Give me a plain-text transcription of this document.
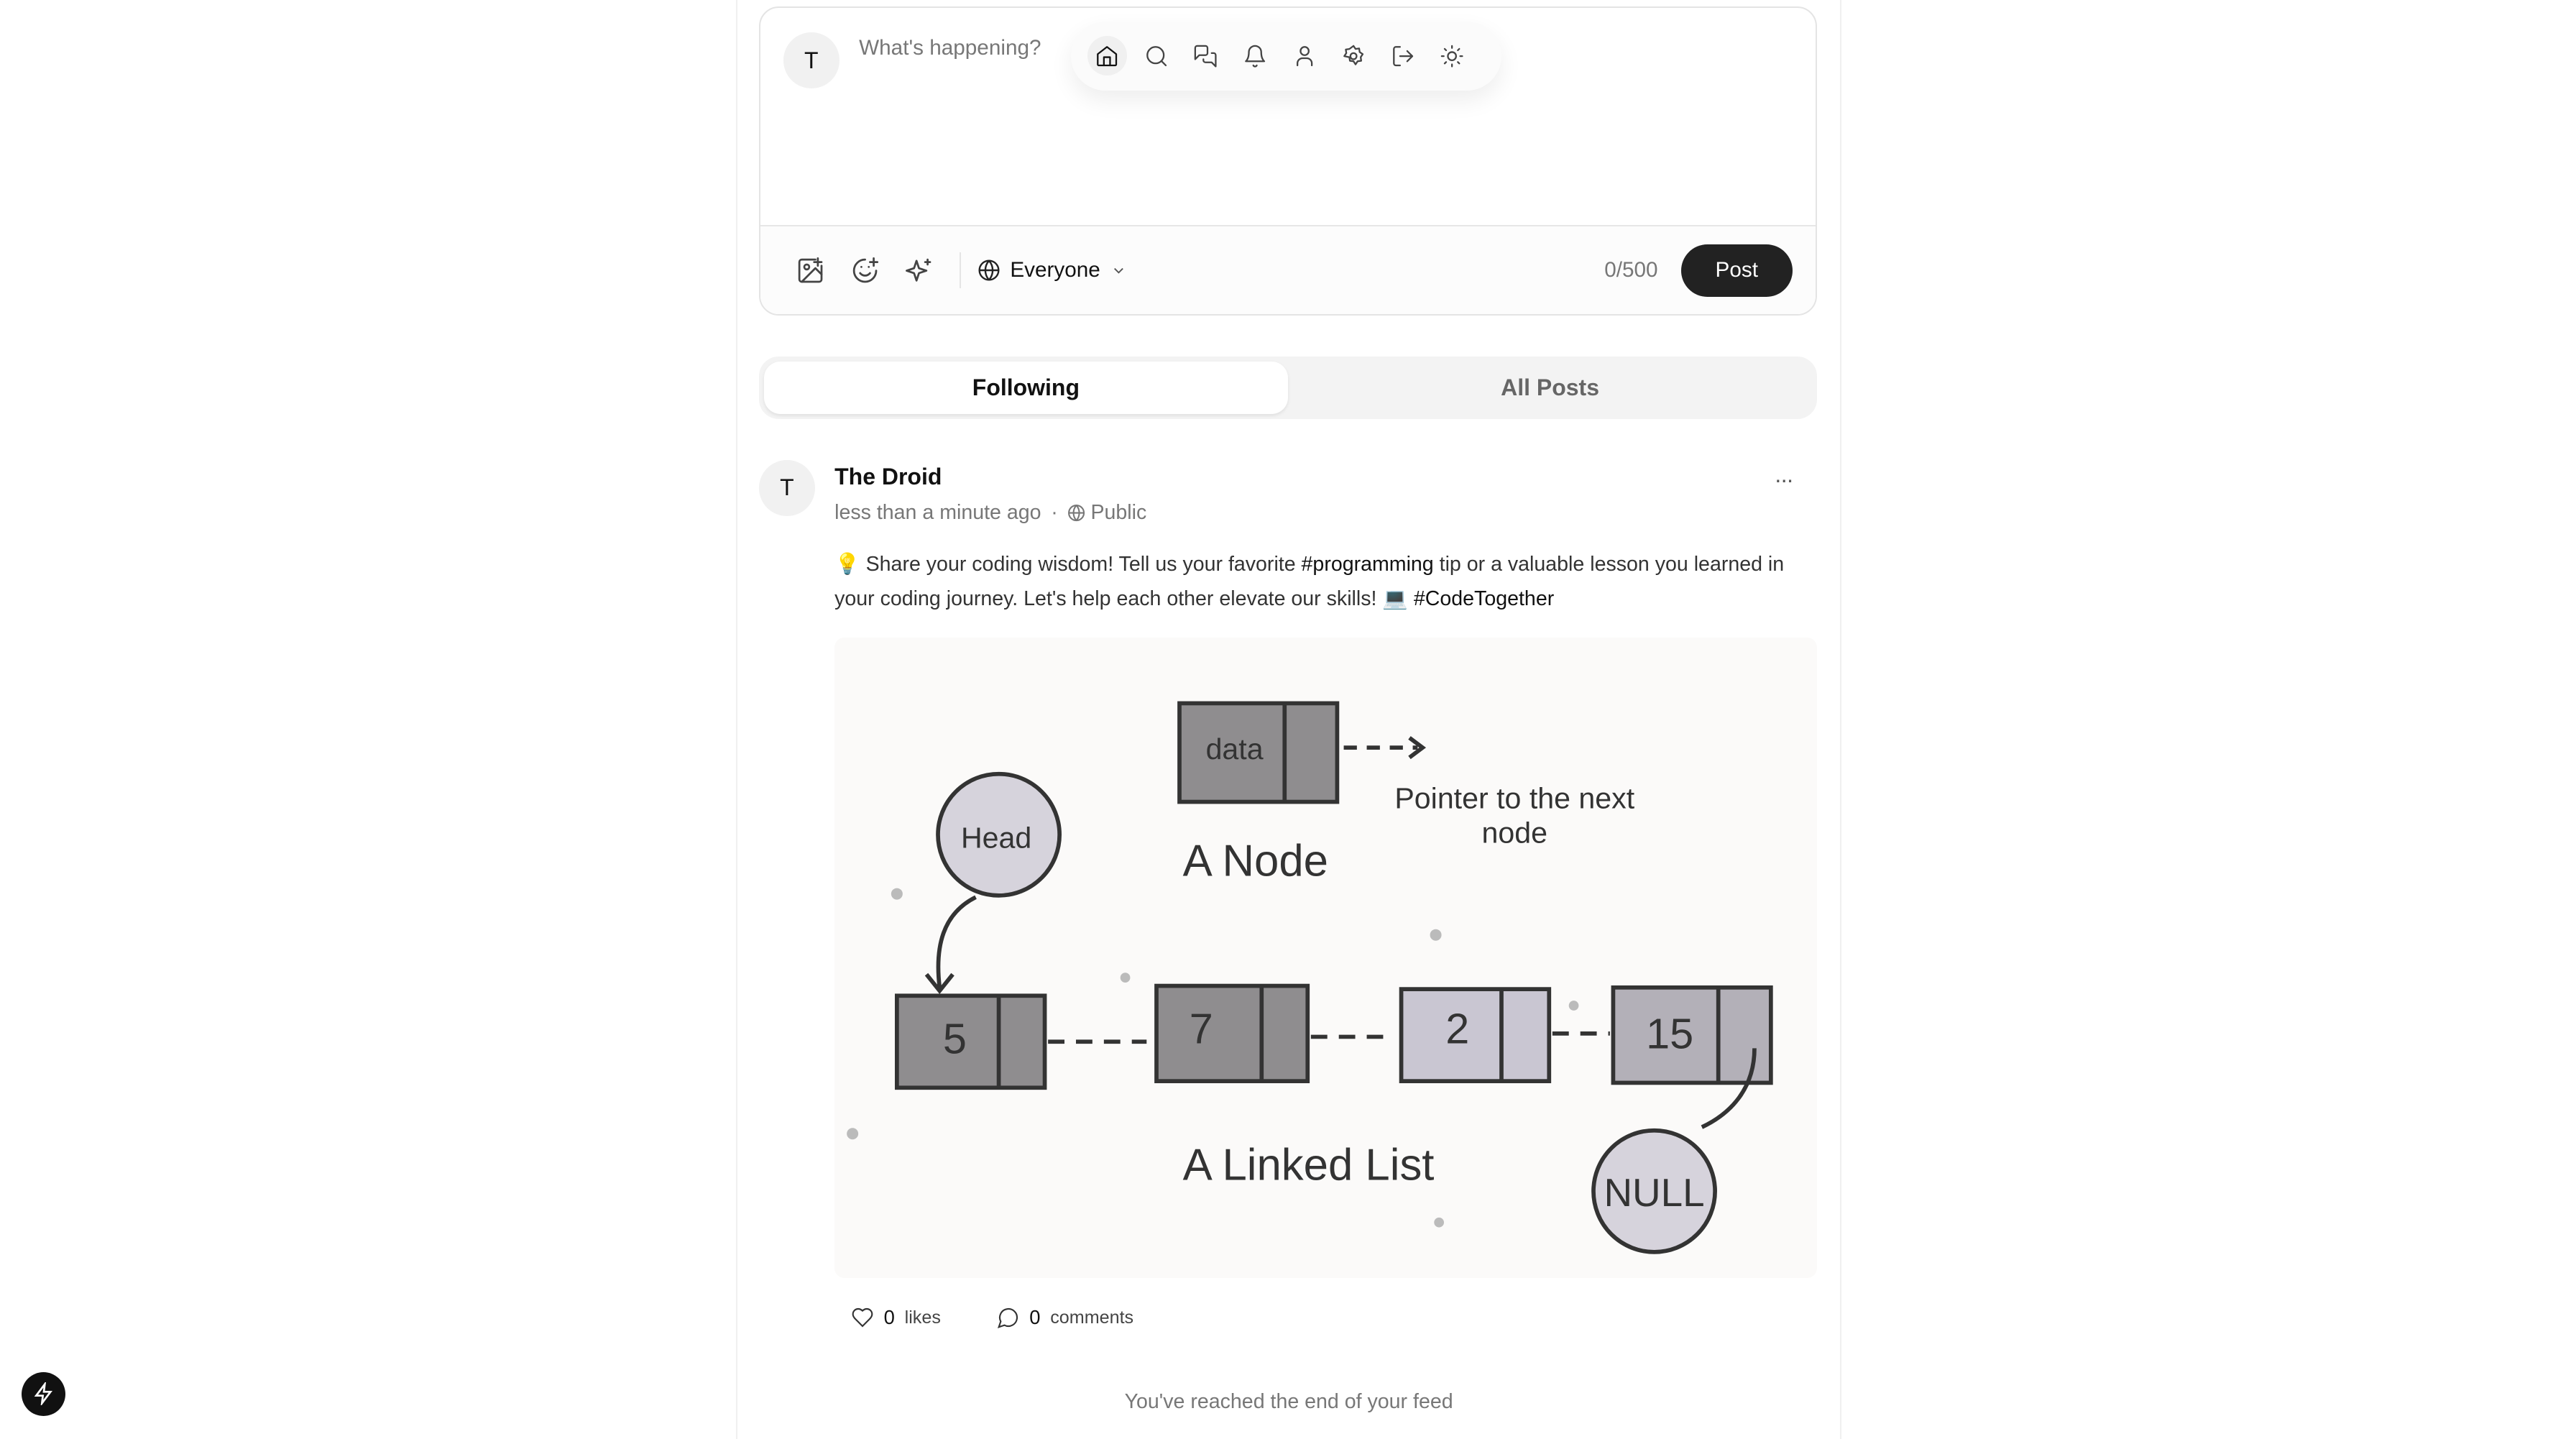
T	What's happening?
Everyone	0/500	Post
Following	All Posts
T	The Droid
less than a minute ago ·	Public
···
💡 Share your coding wisdom! Tell us your favorite #programming tip or a valuable lesson you learned in your coding journey. Let's help each other elevate our skills! 💻 #CodeTogether
data
Head	A Node
Pointer to the next
node
5	7	2	15
NULL
A Linked List
0 likes	0 comments
You've reached the end of your feed
